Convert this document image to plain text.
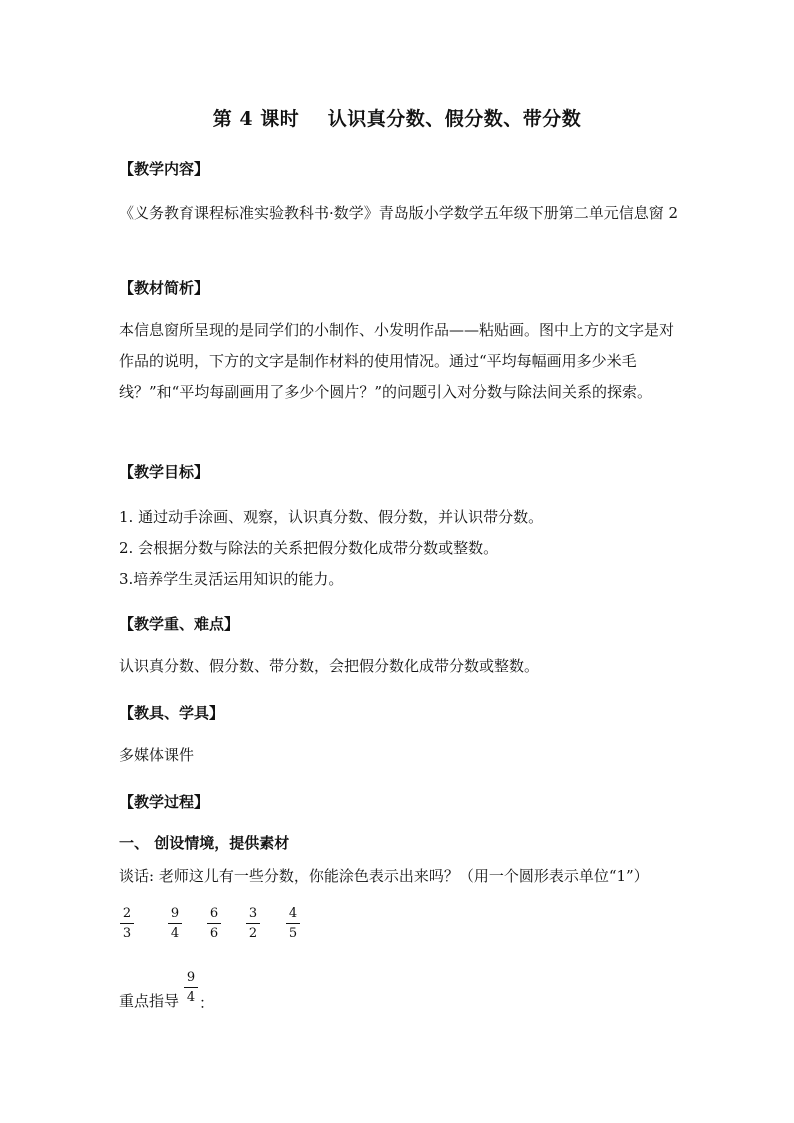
第 4 课时    认识真分数、假分数、带分数
【教学内容】
《义务教育课程标准实验教科书·数学》青岛版小学数学五年级下册第二单元信息窗 2
【教材简析】
本信息窗所呈现的是同学们的小制作、小发明作品——粘贴画。图中上方的文字是对作品的说明，下方的文字是制作材料的使用情况。通过“平均每幅画用多少米毛线？”和“平均每副画用了多少个圆片？”的问题引入对分数与除法间关系的探索。
【教学目标】
1. 通过动手涂画、观察，认识真分数、假分数，并认识带分数。
2. 会根据分数与除法的关系把假分数化成带分数或整数。
3.培养学生灵活运用知识的能力。
【教学重、难点】
认识真分数、假分数、带分数，会把假分数化成带分数或整数。
【教具、学具】
多媒体课件
【教学过程】
一、 创设情境，提供素材
谈话: 老师这儿有一些分数，你能涂色表示出来吗？（用一个圆形表示单位“1”）
2
3
9
4
6
6
3
2
4
5
重点指导
9
4 ：
